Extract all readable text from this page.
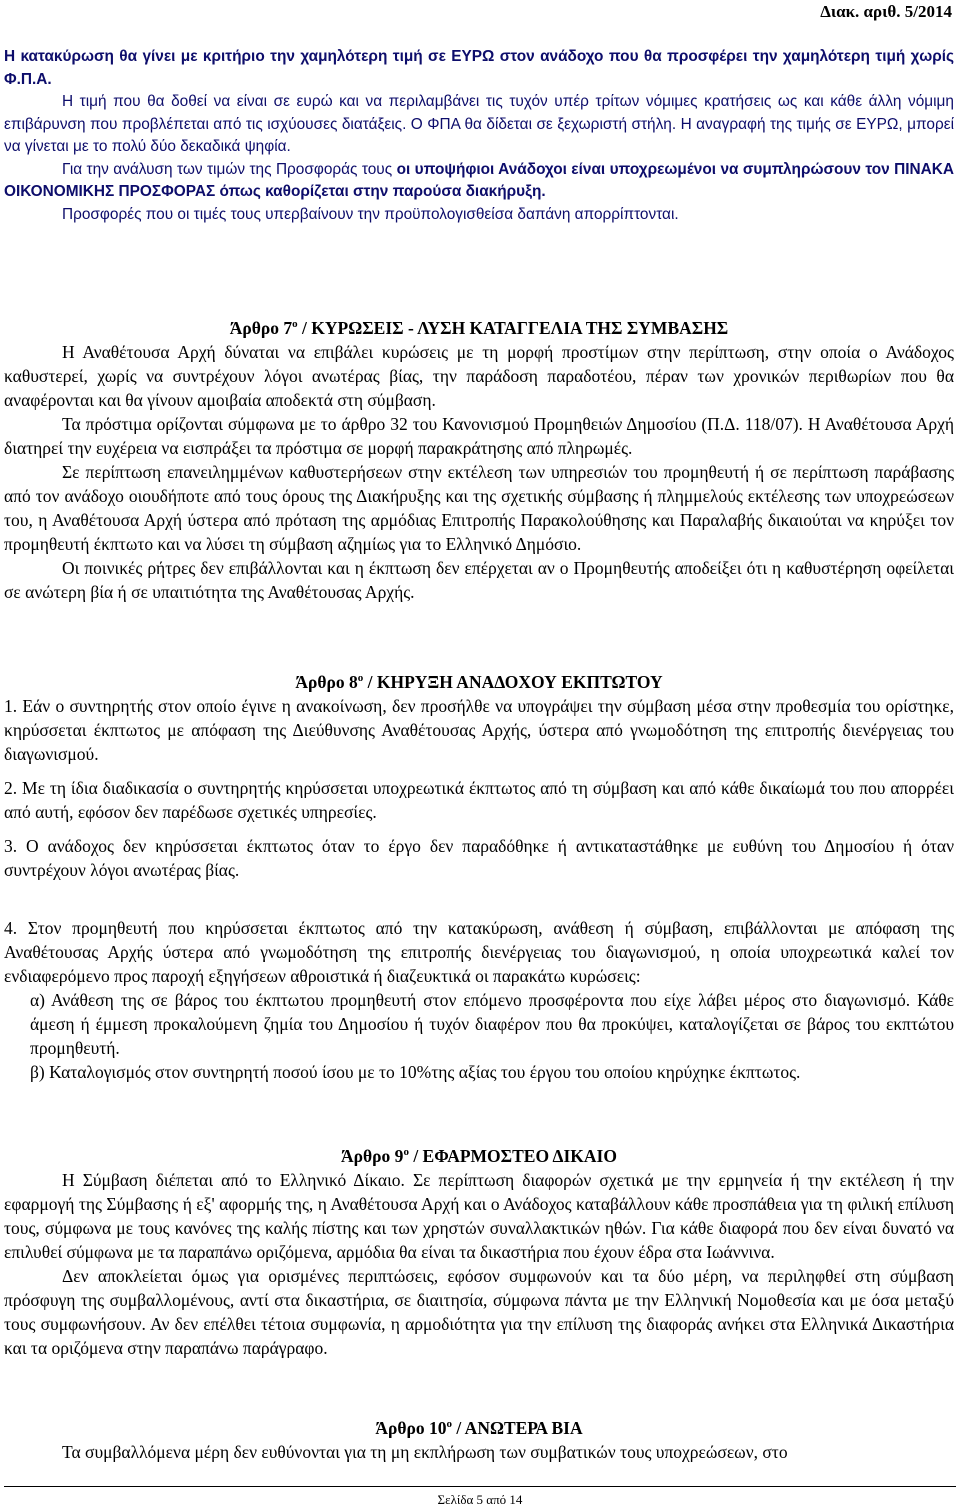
Διακ. αριθ. 5/2014

Η κατακύρωση θα γίνει με κριτήριο την χαμηλότερη τιμή σε ΕΥΡΩ στον ανάδοχο που θα προσφέρει την χαμηλότερη τιμή χωρίς Φ.Π.Α.

Η τιμή που θα δοθεί να είναι σε ευρώ και να περιλαμβάνει τις τυχόν υπέρ τρίτων νόμιμες κρατήσεις ως και κάθε άλλη νόμιμη επιβάρυνση που προβλέπεται από τις ισχύουσες διατάξεις. Ο ΦΠΑ θα δίδεται σε ξεχωριστή στήλη. Η αναγραφή της τιμής σε ΕΥΡΩ, μπορεί να γίνεται με το πολύ δύο δεκαδικά ψηφία.

Για την ανάλυση των τιμών της Προσφοράς τους οι υποψήφιοι Ανάδοχοι είναι υποχρεωμένοι να συμπληρώσουν τον ΠΙΝΑΚΑ ΟΙΚΟΝΟΜΙΚΗΣ ΠΡΟΣΦΟΡΑΣ όπως καθορίζεται στην παρούσα διακήρυξη.

Προσφορές που οι τιμές τους υπερβαίνουν την προϋπολογισθείσα δαπάνη απορρίπτονται.

Άρθρο $7^o$ / ΚΥΡΩΣΕΙΣ - ΛΥΣΗ ΚΑΤΑΓΓΕΛΙΑ ΤΗΣ ΣΥΜΒΑΣΗΣ

Η Αναθέτουσα Αρχή δύναται να επιβάλει κυρώσεις με τη μορφή προστίμων στην περίπτωση, στην οποία ο Ανάδοχος καθυστερεί, χωρίς να συντρέχουν λόγοι ανωτέρας βίας, την παράδοση παραδοτέου, πέραν των χρονικών περιθωρίων που θα αναφέρονται και θα γίνουν αμοιβαία αποδεκτά στη σύμβαση.

Τα πρόστιμα ορίζονται σύμφωνα με το άρθρο 32 του Κανονισμού Προμηθειών Δημοσίου (Π.Δ. 118/07). Η Αναθέτουσα Αρχή διατηρεί την ευχέρεια να εισπράξει τα πρόστιμα σε μορφή παρακράτησης από πληρωμές.

Σε περίπτωση επανειλημμένων καθυστερήσεων στην εκτέλεση των υπηρεσιών του προμηθευτή ή σε περίπτωση παράβασης από τον ανάδοχο οιουδήποτε από τους όρους της Διακήρυξης και της σχετικής σύμβασης ή πλημμελούς εκτέλεσης των υποχρεώσεων του, η Αναθέτουσα Αρχή ύστερα από πρόταση της αρμόδιας Επιτροπής Παρακολούθησης και Παραλαβής δικαιούται να κηρύξει τον προμηθευτή έκπτωτο και να λύσει τη σύμβαση αζημίως για το Ελληνικό Δημόσιο.

Οι ποινικές ρήτρες δεν επιβάλλονται και η έκπτωση δεν επέρχεται αν ο Προμηθευτής αποδείξει ότι η καθυστέρηση οφείλεται σε ανώτερη βία ή σε υπαιτιότητα της Αναθέτουσας Αρχής.

Άρθρο $8^o$ / ΚΗΡΥΞΗ ΑΝΑΔΟΧΟΥ ΕΚΠΤΩΤΟΥ

1. Εάν ο συντηρητής στον οποίο έγινε η ανακοίνωση, δεν προσήλθε να υπογράψει την σύμβαση μέσα στην προθεσμία του ορίστηκε, κηρύσσεται έκπτωτος με απόφαση της Διεύθυνσης Αναθέτουσας Αρχής, ύστερα από γνωμοδότηση της επιτροπής διενέργειας του διαγωνισμού.

2. Με τη ίδια διαδικασία ο συντηρητής κηρύσσεται υποχρεωτικά έκπτωτος από τη σύμβαση και από κάθε δικαίωμά του που απορρέει από αυτή, εφόσον δεν παρέδωσε σχετικές υπηρεσίες.

3. Ο ανάδοχος δεν κηρύσσεται έκπτωτος όταν το έργο δεν παραδόθηκε ή αντικαταστάθηκε με ευθύνη του Δημοσίου ή όταν συντρέχουν λόγοι ανωτέρας βίας.

4. Στον προμηθευτή που κηρύσσεται έκπτωτος από την κατακύρωση, ανάθεση ή σύμβαση, επιβάλλονται με απόφαση της Αναθέτουσας Αρχής ύστερα από γνωμοδότηση της επιτροπής διενέργειας του διαγωνισμού, η οποία υποχρεωτικά καλεί τον ενδιαφερόμενο προς παροχή εξηγήσεων αθροιστικά ή διαζευκτικά οι παρακάτω κυρώσεις:

α) Ανάθεση της σε βάρος του έκπτωτου προμηθευτή στον επόμενο προσφέροντα που είχε λάβει μέρος στο διαγωνισμό. Κάθε άμεση ή έμμεση προκαλούμενη ζημία του Δημοσίου ή τυχόν διαφέρον που θα προκύψει, καταλογίζεται σε βάρος του εκπτώτου προμηθευτή.

β) Καταλογισμός στον συντηρητή ποσού ίσου με το 10%της αξίας του έργου του οποίου κηρύχηκε έκπτωτος.

Άρθρο $9^o$ / ΕΦΑΡΜΟΣΤΕΟ ΔΙΚΑΙΟ

Η Σύμβαση διέπεται από το Ελληνικό Δίκαιο. Σε περίπτωση διαφορών σχετικά με την ερμηνεία ή την εκτέλεση ή την εφαρμογή της Σύμβασης ή εξ' αφορμής της, η Αναθέτουσα Αρχή και ο Ανάδοχος καταβάλλουν κάθε προσπάθεια για τη φιλική επίλυση τους, σύμφωνα με τους κανόνες της καλής πίστης και των χρηστών συναλλακτικών ηθών. Για κάθε διαφορά που δεν είναι δυνατό να επιλυθεί σύμφωνα με τα παραπάνω οριζόμενα, αρμόδια θα είναι τα δικαστήρια που έχουν έδρα στα Ιωάννινα.

Δεν αποκλείεται όμως για ορισμένες περιπτώσεις, εφόσον συμφωνούν και τα δύο μέρη, να περιληφθεί στη σύμβαση πρόσφυγη της συμβαλλομένους, αντί στα δικαστήρια, σε διαιτησία, σύμφωνα πάντα με την Ελληνική Νομοθεσία και με όσα μεταξύ τους συμφωνήσουν. Αν δεν επέλθει τέτοια συμφωνία, η αρμοδιότητα για την επίλυση της διαφοράς ανήκει στα Ελληνικά Δικαστήρια και τα οριζόμενα στην παραπάνω παράγραφο.

Άρθρο $10^o$ / ΑΝΩΤΕΡΑ ΒΙΑ

Τα συμβαλλόμενα μέρη δεν ευθύνονται για τη μη εκπλήρωση των συμβατικών τους υποχρεώσεων, στο

Σελίδα 5 από 14
